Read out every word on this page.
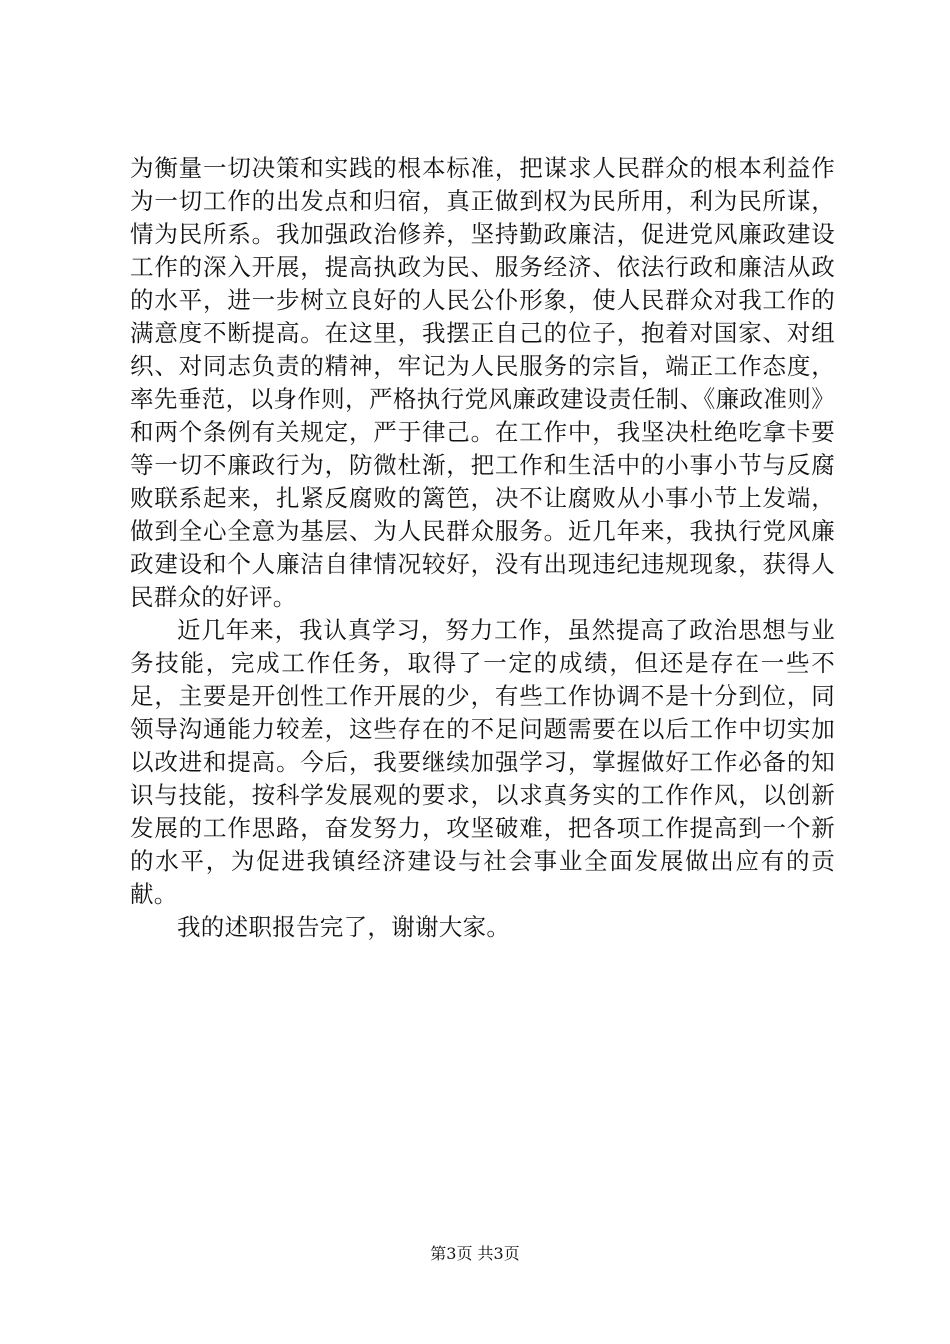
为衡量一切决策和实践的根本标准，把谋求人民群众的根本利益作为一切工作的出发点和归宿，真正做到权为民所用，利为民所谋，情为民所系。我加强政治修养，坚持勤政廉洁，促进党风廉政建设工作的深入开展，提高执政为民、服务经济、依法行政和廉洁从政的水平，进一步树立良好的人民公仆形象，使人民群众对我工作的满意度不断提高。在这里，我摆正自己的位子，抱着对国家、对组织、对同志负责的精神，牢记为人民服务的宗旨，端正工作态度，率先垂范，以身作则，严格执行党风廉政建设责任制、《廉政准则》和两个条例有关规定，严于律己。在工作中，我坚决杜绝吃拿卡要等一切不廉政行为，防微杜渐，把工作和生活中的小事小节与反腐败联系起来，扎紧反腐败的篱笆，决不让腐败从小事小节上发端，做到全心全意为基层、为人民群众服务。近几年来，我执行党风廉政建设和个人廉洁自律情况较好，没有出现违纪违规现象，获得人民群众的好评。

近几年来，我认真学习，努力工作，虽然提高了政治思想与业务技能，完成工作任务，取得了一定的成绩，但还是存在一些不足，主要是开创性工作开展的少，有些工作协调不是十分到位，同领导沟通能力较差，这些存在的不足问题需要在以后工作中切实加以改进和提高。今后，我要继续加强学习，掌握做好工作必备的知识与技能，按科学发展观的要求，以求真务实的工作作风，以创新发展的工作思路，奋发努力，攻坚破难，把各项工作提高到一个新的水平，为促进我镇经济建设与社会事业全面发展做出应有的贡献。

我的述职报告完了，谢谢大家。

第3页 共3页
